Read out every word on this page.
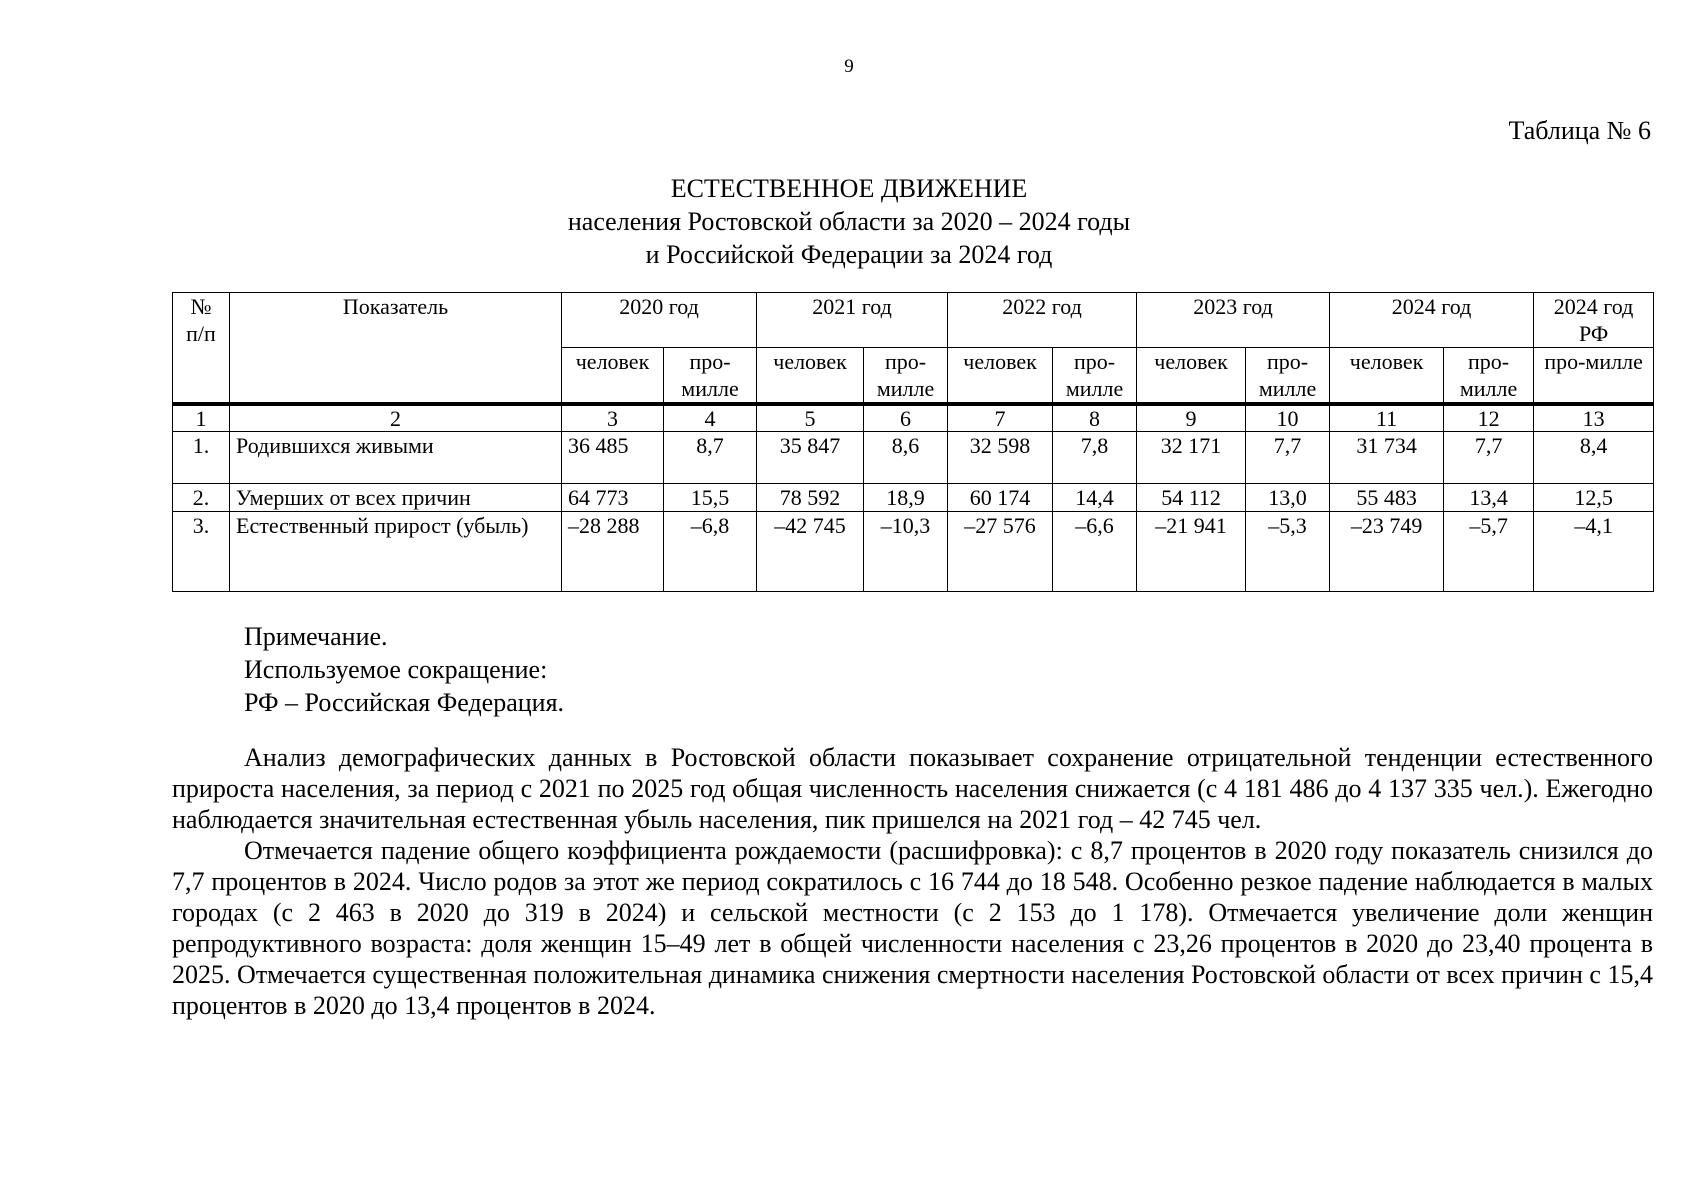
9
Таблица № 6
ЕСТЕСТВЕННОЕ ДВИЖЕНИЕ
населения Ростовской области за 2020 – 2024 годы
и Российской Федерации за 2024 год
№ п/п	Показатель	2020 год		2021 год		2022 год		2023 год		2024 год		2024 год РФ
		человек	про-милле	человек	про-милле	человек	про-милле	человек	про-милле	человек	про-милле	про-милле
1	2	3	4	5	6	7	8	9	10	11	12	13
1.	Родившихся живыми	36 485	8,7	35 847	8,6	32 598	7,8	32 171	7,7	31 734	7,7	8,4
2.	Умерших от всех причин	64 773	15,5	78 592	18,9	60 174	14,4	54 112	13,0	55 483	13,4	12,5
3.	Естественный прирост (убыль)	–28 288	–6,8	–42 745	–10,3	–27 576	–6,6	–21 941	–5,3	–23 749	–5,7	–4,1
Примечание.
Используемое сокращение:
РФ – Российская Федерация.

Анализ демографических данных в Ростовской области показывает сохранение отрицательной тенденции естественного прироста населения, за период с 2021 по 2025 год общая численность населения снижается (с 4 181 486 до 4 137 335 чел.). Ежегодно наблюдается значительная естественная убыль населения, пик пришелся на 2021 год – 42 745 чел.

Отмечается падение общего коэффициента рождаемости (расшифровка): с 8,7 процентов в 2020 году показатель снизился до 7,7 процентов в 2024. Число родов за этот же период сократилось с 16 744 до 18 548. Особенно резкое падение наблюдается в малых городах (с 2 463 в 2020 до 319 в 2024) и сельской местности (с 2 153 до 1 178). Отмечается увеличение доли женщин репродуктивного возраста: доля женщин 15–49 лет в общей численности населения с 23,26 процентов в 2020 до 23,40 процента в 2025. Отмечается существенная положительная динамика снижения смертности населения Ростовской области от всех причин с 15,4 процентов в 2020 до 13,4 процентов в 2024.
